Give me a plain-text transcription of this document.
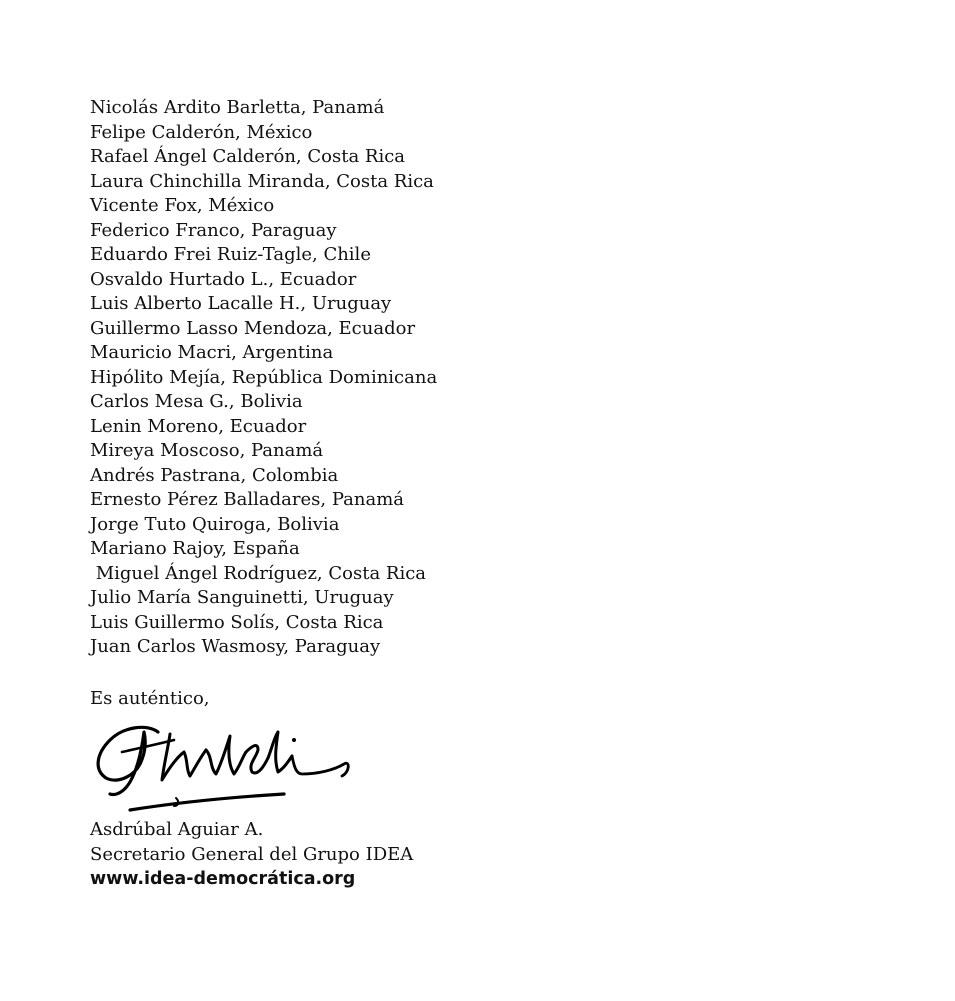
Nicolás Ardito Barletta, Panamá
Felipe Calderón, México
Rafael Ángel Calderón, Costa Rica
Laura Chinchilla Miranda, Costa Rica
Vicente Fox, México
Federico Franco, Paraguay
Eduardo Frei Ruiz-Tagle, Chile
Osvaldo Hurtado L., Ecuador
Luis Alberto Lacalle H., Uruguay
Guillermo Lasso Mendoza, Ecuador
Mauricio Macri, Argentina
Hipólito Mejía, República Dominicana
Carlos Mesa G., Bolivia
Lenin Moreno, Ecuador
Mireya Moscoso, Panamá
Andrés Pastrana, Colombia
Ernesto Pérez Balladares, Panamá
Jorge Tuto Quiroga, Bolivia
Mariano Rajoy, España
Miguel Ángel Rodríguez, Costa Rica
Julio María Sanguinetti, Uruguay
Luis Guillermo Solís, Costa Rica
Juan Carlos Wasmosy, Paraguay

Es auténtico,

Asdrúbal Aguiar A.
Secretario General del Grupo IDEA
www.idea-democrática.org
